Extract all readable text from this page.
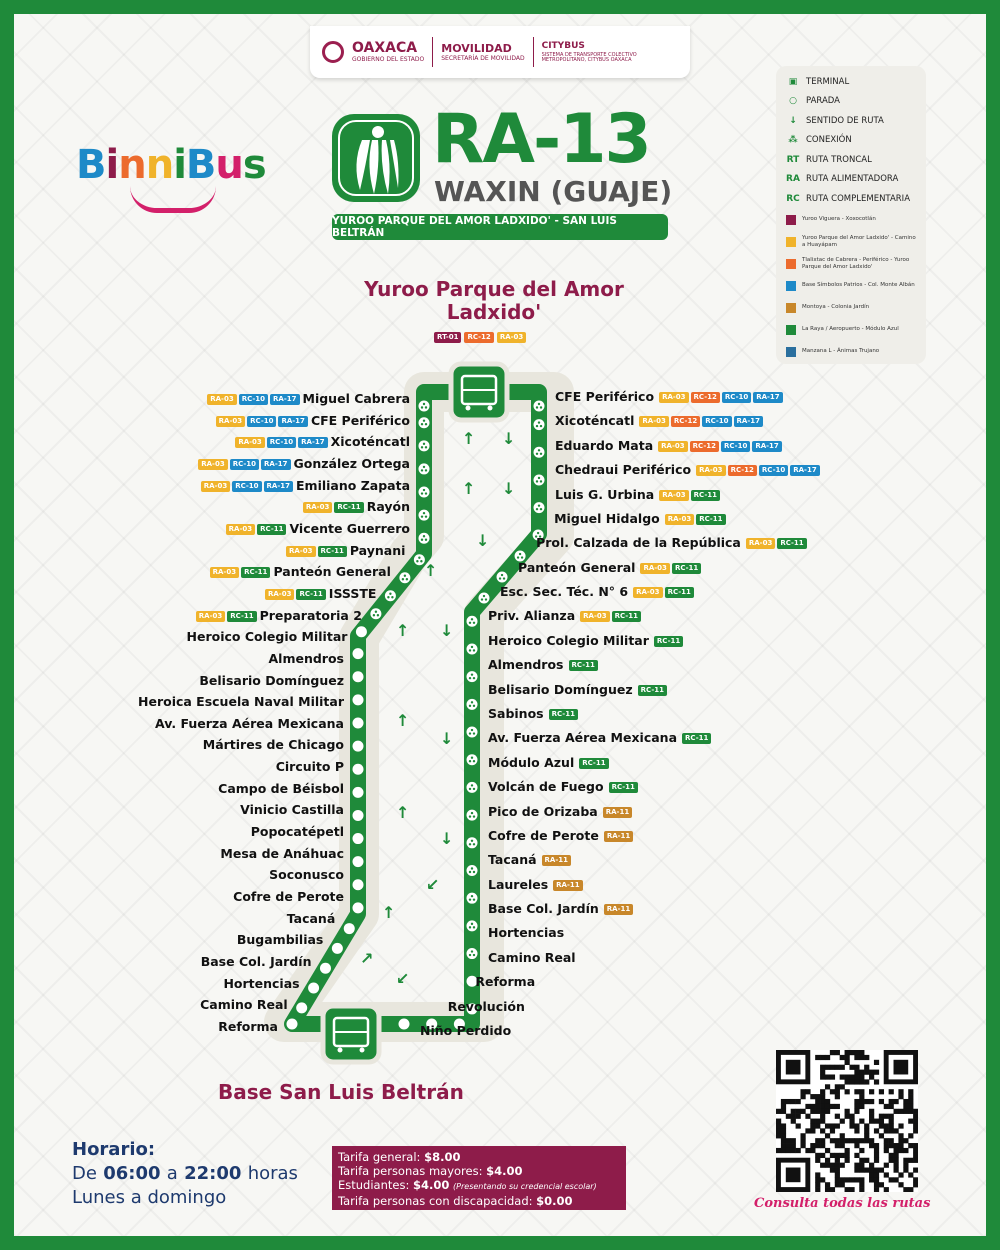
OAXACA
GOBIERNO DEL ESTADO
MOVILIDAD
SECRETARÍA DE MOVILIDAD
CITYBUS
SISTEMA DE TRANSPORTE COLECTIVO METROPOLITANO, CITYBUS OAXACA
BinniBus RA-13
WAXIN (GUAJE)
YUROO PARQUE DEL AMOR LADXIDO' - SAN LUIS BELTRÁN
▣	TERMINAL
○	PARADA
↓	SENTIDO DE RUTA
⁂ CONEXIÓN
RT RUTA TRONCAL
RA RUTA ALIMENTADORA
RC RUTA COMPLEMENTARIA
Yuroo Viguera - Xoxocotlán
Yuroo Parque del Amor Ladxido' - Camino a Huayápam
Tlalixtac de Cabrera - Periférico - Yuroo Parque del Amor Ladxido'
Base Símbolos Patrios - Col. Monte Albán
Montoya - Colonia Jardín
La Raya / Aeropuerto - Módulo Azul
Manzana L - Ánimas Trujano
Yuroo Parque del Amor Ladxido'
RT-01	RC-12	RA-03
Base San Luis Beltrán
↑ ↓
↑ ↓
↓
↑
↑ ↓
↑
↓
↑
↓
↙
↑
↗
↙
RA-03 RC-10 RA-17 Miguel Cabrera
RA-03 RC-10 RA-17 CFE Periférico
RA-03 RC-10 RA-17 Xicoténcatl
RA-03 RC-10 RA-17 González Ortega
RA-03 RC-10 RA-17 Emiliano Zapata
RA-03 RC-11 Rayón
RA-03 RC-11 Vicente Guerrero
RA-03 RC-11 Paynani
RA-03 RC-11 Panteón General
RA-03 RC-11 ISSSTE
RA-03 RC-11 Preparatoria 2
Heroico Colegio Militar
Almendros
Belisario Domínguez
Heroica Escuela Naval Militar
Av. Fuerza Aérea Mexicana
Mártires de Chicago
Circuito P
Campo de Béisbol
Vinicio Castilla
Popocatépetl
Mesa de Anáhuac
Soconusco
Cofre de Perote
Tacaná
Bugambilias
Base Col. Jardín
Hortencias
Camino Real
Reforma
CFE Periférico RA-03 RC-12 RC-10 RA-17
Xicoténcatl RA-03 RC-12 RC-10 RA-17
Eduardo Mata RA-03 RC-12 RC-10 RA-17
Chedraui Periférico RA-03 RC-12 RC-10 RA-17
Luis G. Urbina RA-03 RC-11
Miguel Hidalgo RA-03 RC-11
Prol. Calzada de la República RA-03 RC-11
Panteón General RA-03 RC-11
Esc. Sec. Téc. N° 6 RA-03 RC-11
Priv. Alianza RA-03 RC-11
Heroico Colegio Militar RC-11
Almendros RC-11
Belisario Domínguez RC-11
Sabinos RC-11
Av. Fuerza Aérea Mexicana RC-11
Módulo Azul RC-11
Volcán de Fuego RC-11
Pico de Orizaba RA-11
Cofre de Perote RA-11
Tacaná RA-11
Laureles RA-11
Base Col. Jardín RA-11
Hortencias
Camino Real
Reforma
Revolución
Niño Perdido
Horario:
De 06:00 a 22:00 horas
Lunes a domingo
Tarifa general: $8.00
Tarifa personas mayores: $4.00
Estudiantes: $4.00 (Presentando su credencial escolar)
Tarifa personas con discapacidad: $0.00	Consulta todas las rutas
